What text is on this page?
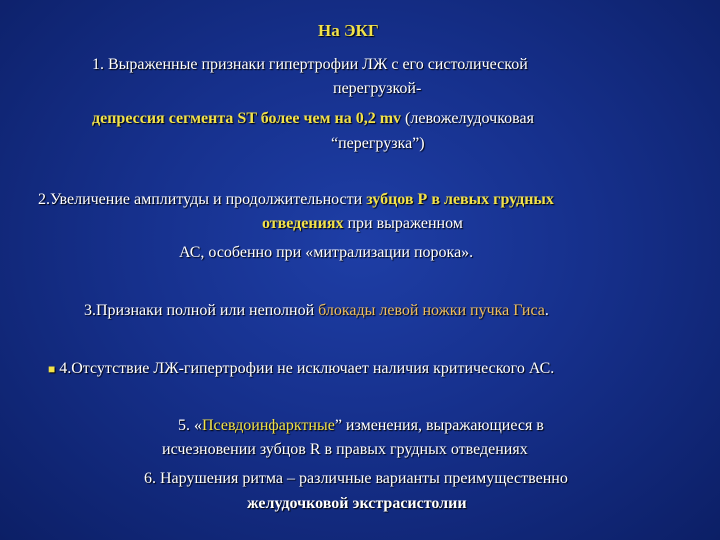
На ЭКГ
1. Выраженные признаки гипертрофии ЛЖ с его систолической
перегрузкой-
депрессия сегмента ST более чем на 0,2 mv (левожелудочковая
“перегрузка”)
2.Увеличение амплитуды и продолжительности зубцов Р в левых грудных
отведениях при выраженном
АС, особенно при «митрализации порока».
3.Признаки полной или неполной блокады левой ножки пучка Гиса.
■ 4.Отсутствие ЛЖ-гипертрофии не исключает наличия критического АС.
5. «Псевдоинфарктные” изменения, выражающиеся в
исчезновении зубцов R в правых грудных отведениях
6. Нарушения ритма – различные варианты преимущественно
желудочковой экстрасистолии
